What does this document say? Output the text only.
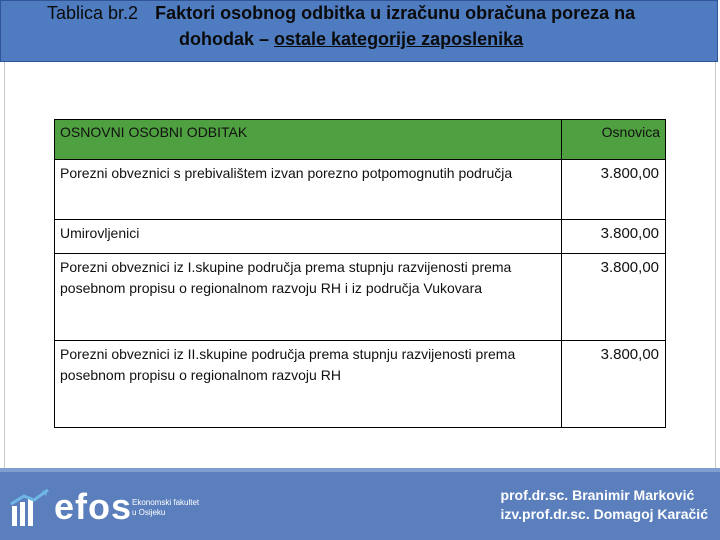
Tablica br.2 Faktori osobnog odbitka u izračunu obračuna poreza na
dohodak – ostale kategorije zaposlenika
OSNOVNI OSOBNI ODBITAK	Osnovica
Porezni obveznici s prebivalištem izvan porezno potpomognutih područja	3.800,00
Umirovljenici	3.800,00
Porezni obveznici iz I.skupine područja prema stupnju razvijenosti prema posebnom propisu o regionalnom razvoju RH i iz područja Vukovara	3.800,00
Porezni obveznici iz II.skupine područja prema stupnju razvijenosti prema posebnom propisu o regionalnom razvoju RH	3.800,00
efos Ekonomski fakultet
u Osijeku
prof.dr.sc. Branimir Marković
izv.prof.dr.sc. Domagoj Karačić
